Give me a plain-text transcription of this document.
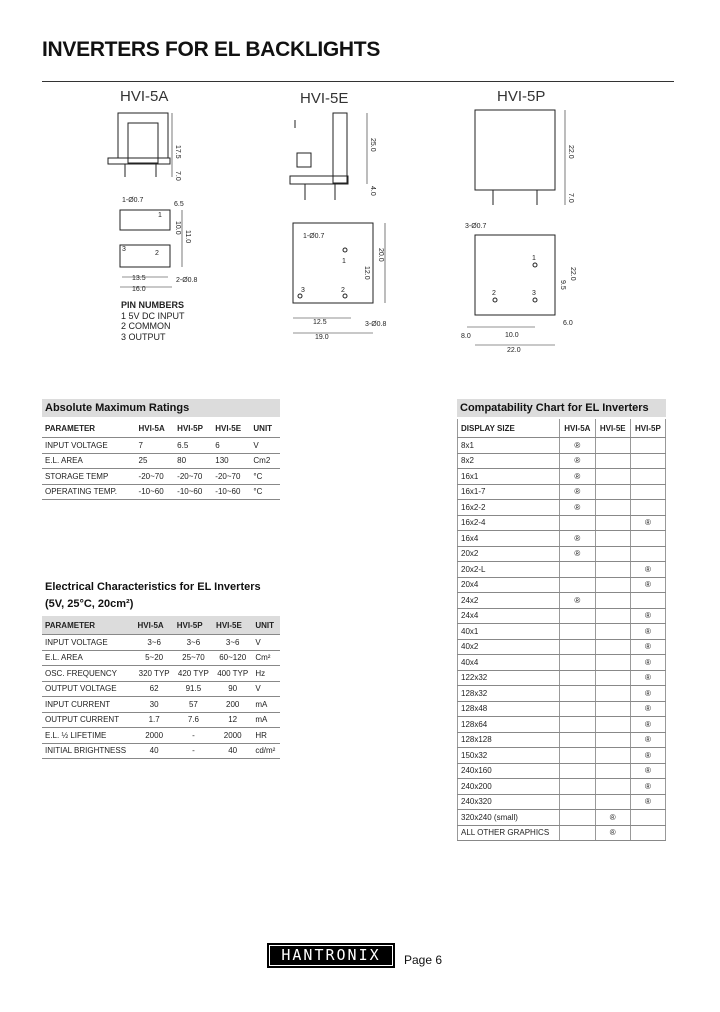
INVERTERS FOR EL BACKLIGHTS
HVI-5A
17.5
7.0
1-Ø0.7
6.5
10.0
11.0
13.5
16.0
2-Ø0.8
1
2
3
PIN NUMBERS
1 5V DC INPUT
2 COMMON
3 OUTPUT
HVI-5E
25.0
4.0
1-Ø0.7
20.0
12.0
12.5
19.0
3-Ø0.8
1
2
3
HVI-5P
22.0
7.0
3-Ø0.7
22.0
9.5
6.0
8.0	10.0
22.0
1
2	3
Absolute Maximum Ratings
PARAMETER	HVI-5A	HVI-5P	HVI-5E	UNIT
INPUT VOLTAGE	7	6.5	6	V
E.L. AREA	25	80	130	Cm2
STORAGE TEMP	-20~70	-20~70	-20~70	°C
OPERATING TEMP.	-10~60	-10~60	-10~60	°C
Electrical Characteristics for EL Inverters
(5V, 25°C, 20cm²)
PARAMETER	HVI-5A	HVI-5P	HVI-5E	UNIT
INPUT VOLTAGE	3~6	3~6	3~6	V
E.L. AREA	5~20	25~70	60~120	Cm²
OSC. FREQUENCY	320 TYP	420 TYP	400 TYP	Hz
OUTPUT VOLTAGE	62	91.5	90	V
INPUT CURRENT	30	57	200	mA
OUTPUT CURRENT	1.7	7.6	12	mA
E.L. ½ LIFETIME	2000	-	2000	HR
INITIAL BRIGHTNESS	40	-	40	cd/m²
Compatability Chart for EL Inverters
DISPLAY SIZE	HVI-5A	HVI-5E	HVI-5P
8x1	®		
8x2	®		
16x1	®		
16x1-7	®		
16x2-2	®		
16x2-4			®
16x4	®		
20x2	®		
20x2-L			®
20x4			®
24x2	®		
24x4			®
40x1			®
40x2			®
40x4			®
122x32			®
128x32			®
128x48			®
128x64			®
128x128			®
150x32			®
240x160			®
240x200			®
240x320			®
320x240 (small)		®	
ALL OTHER GRAPHICS		®	
HANTRONIX	Page 6
